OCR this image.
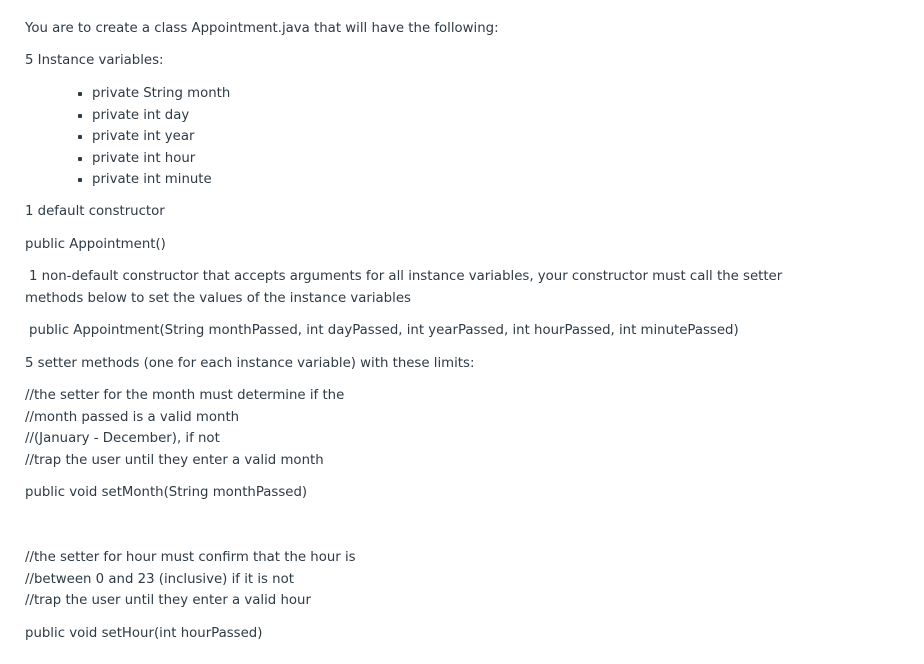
You are to create a class Appointment.java that will have the following:
5 Instance variables:
private String month
private int day
private int year
private int hour
private int minute
1 default constructor
public Appointment()
1 non-default constructor that accepts arguments for all instance variables, your constructor must call the setter
methods below to set the values of the instance variables
public Appointment(String monthPassed, int dayPassed, int yearPassed, int hourPassed, int minutePassed)
5 setter methods (one for each instance variable) with these limits:
//the setter for the month must determine if the
//month passed is a valid month
//(January - December), if not
//trap the user until they enter a valid month
public void setMonth(String monthPassed)
//the setter for hour must confirm that the hour is
//between 0 and 23 (inclusive) if it is not
//trap the user until they enter a valid hour
public void setHour(int hourPassed)
